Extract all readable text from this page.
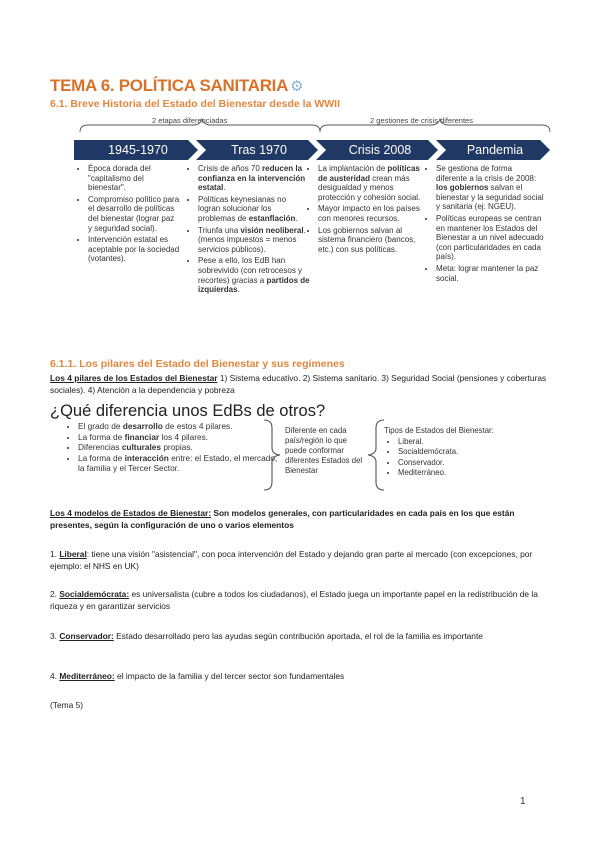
TEMA 6. POLÍTICA SANITARIA ⚙
6.1. Breve Historia del Estado del Bienestar desde la WWII
2 etapas diferenciadas	2 gestiones de crisis diferentes
1945-1970	Tras 1970	Crisis 2008	Pandemia
• Época dorada del "capitalismo del bienestar".
• Compromiso político para el desarrollo de políticas del bienestar (lograr paz y seguridad social).
• Intervención estatal es aceptable por la sociedad (votantes).
• Crisis de años 70 reducen la confianza en la intervención estatal.
• Políticas keynesianas no logran solucionar los problemas de estanflación.
• Triunfa una visión neoliberal. (menos impuestos = menos servicios públicos).
• Pese a ello, los EdB han sobrevivido (con retrocesos y recortes) gracias a partidos de izquierdas.
• La implantación de políticas de austeridad crean más desigualdad y menos protección y cohesión social.
• Mayor impacto en los países con menores recursos.
• Los gobiernos salvan al sistema financiero (bancos, etc.) con sus políticas.
• Se gestiona de forma diferente a la crisis de 2008: los gobiernos salvan el bienestar y la seguridad social y sanitaria (ej: NGEU).
• Políticas europeas se centran en mantener los Estados del Bienestar a un nivel adecuado (con particularidades en cada país).
• Meta: lograr mantener la paz social.
6.1.1. Los pilares del Estado del Bienestar y sus regímenes
Los 4 pilares de los Estados del Bienestar 1) Sistema educativo. 2) Sistema sanitario. 3) Seguridad Social (pensiones y coberturas sociales). 4) Atención a la dependencia y pobreza
¿Qué diferencia unos EdBs de otros?
• El grado de desarrollo de estos 4 pilares.
• La forma de financiar los 4 pilares.
• Diferencias culturales propias.
• La forma de interacción entre: el Estado, el mercado, la familia y el Tercer Sector.
Diferente en cada país/región lo que puede conformar diferentes Estados del Bienestar
Tipos de Estados del Bienestar:
• Liberal.
• Socialdemócrata.
• Conservador.
• Mediterráneo.
Los 4 modelos de Estados de Bienestar: Son modelos generales, con particularidades en cada país en los que están presentes, según la configuración de uno o varios elementos
1. Liberal: tiene una visión "asistencial", con poca intervención del Estado y dejando gran parte al mercado (con excepciones, por ejemplo: el NHS en UK)
2. Socialdemócrata: es universalista (cubre a todos los ciudadanos), el Estado juega un importante papel en la redistribución de la riqueza y en garantizar servicios
3. Conservador: Estado desarrollado pero las ayudas según contribución aportada, el rol de la familia es importante
4. Mediterráneo: el impacto de la familia y del tercer sector son fundamentales
(Tema 5)
1
